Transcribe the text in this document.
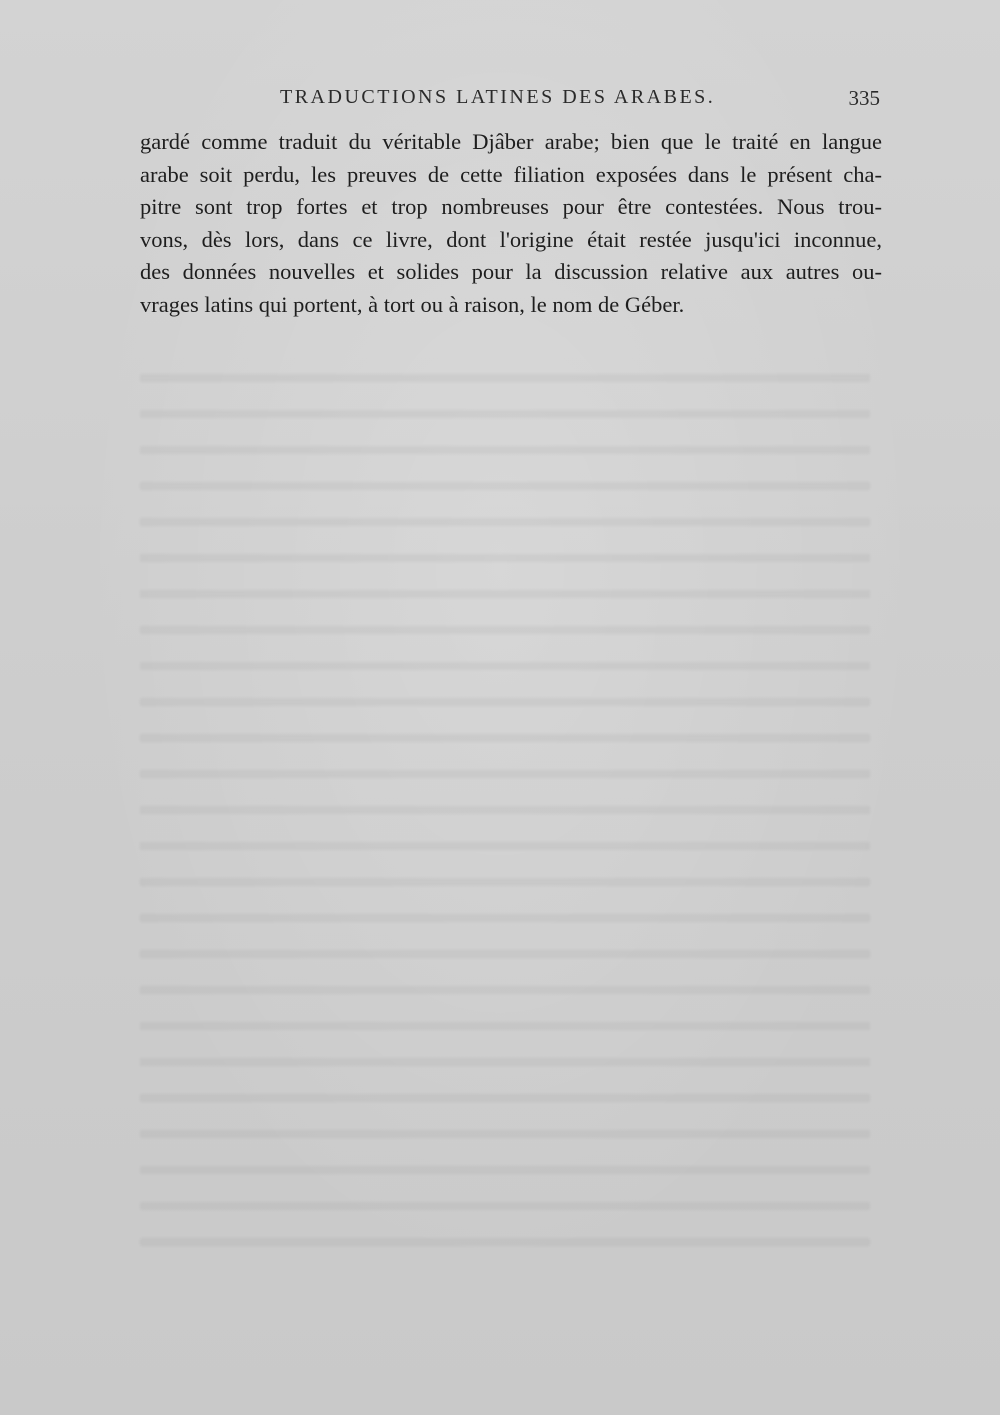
TRADUCTIONS LATINES DES ARABES.	335
gardé comme traduit du véritable Djâber arabe; bien que le traité en langue
arabe soit perdu, les preuves de cette filiation exposées dans le présent cha-
pitre sont trop fortes et trop nombreuses pour être contestées. Nous trou-
vons, dès lors, dans ce livre, dont l'origine était restée jusqu'ici inconnue,
des données nouvelles et solides pour la discussion relative aux autres ou-
vrages latins qui portent, à tort ou à raison, le nom de Géber.
